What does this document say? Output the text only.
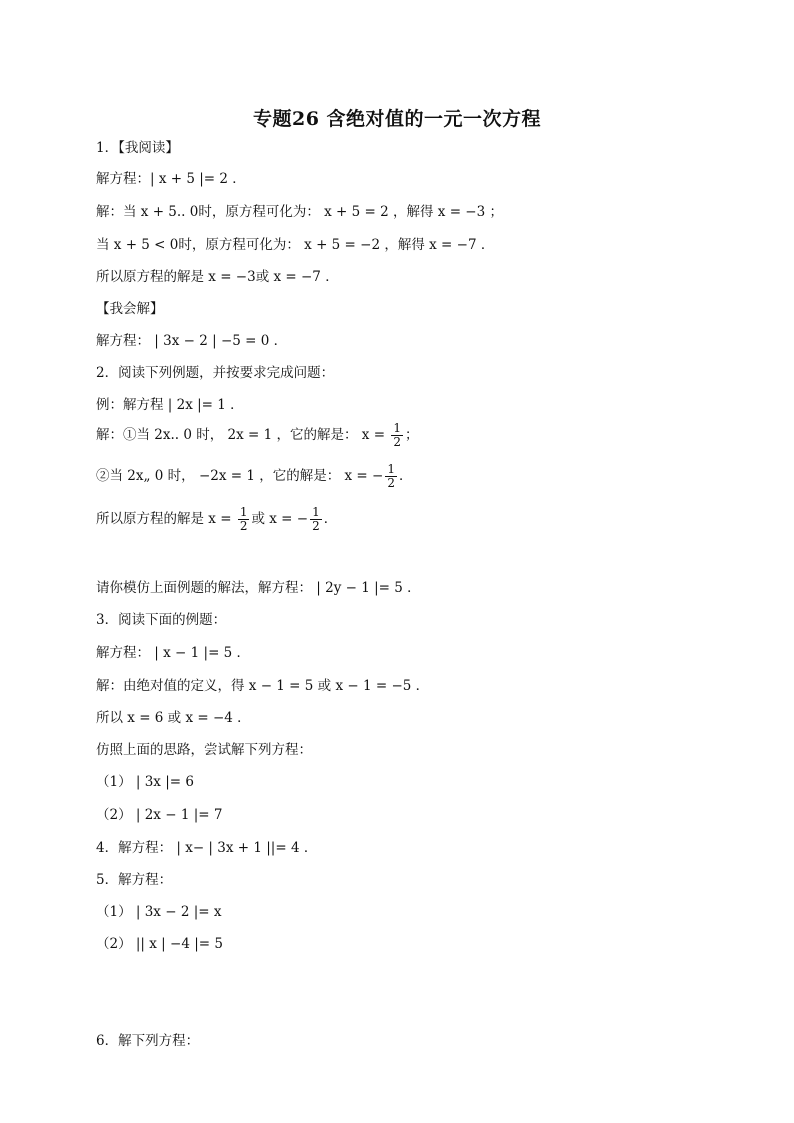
专题26 含绝对值的一元一次方程
1．【我阅读】
解方程：| x + 5 |= 2 ．
解：当 x + 5.. 0时，原方程可化为： x + 5 = 2 ，解得 x = −3 ；
当 x + 5 < 0时，原方程可化为： x + 5 = −2 ，解得 x = −7 ．
所以原方程的解是 x = −3或 x = −7 ．
【我会解】
解方程： | 3x − 2 | −5 = 0 ．
2．阅读下列例题，并按要求完成问题：
例：解方程 | 2x |= 1 ．
请你模仿上面例题的解法，解方程： | 2y − 1 |= 5 ．
3．阅读下面的例题：
解方程： | x − 1 |= 5 ．
解：由绝对值的定义，得 x − 1 = 5 或 x − 1 = −5 ．
所以 x = 6 或 x = −4 ．
仿照上面的思路，尝试解下列方程：
（1） | 3x |= 6
（2） | 2x − 1 |= 7
4．解方程： | x− | 3x + 1 ||= 4 ．
5．解方程：
（1） | 3x − 2 |= x
（2） || x | −4 |= 5
6．解下列方程：
解：①当 2x.. 0 时， 2x = 1 ，它的解是： $x = \frac{1}{2}$ ；
②当 2x„ 0 时， −2x = 1 ，它的解是： x = − $\frac{1}{2}$ ．
所以原方程的解是 $x = \frac{1}{2}$ 或 x = − $\frac{1}{2}$ ．
